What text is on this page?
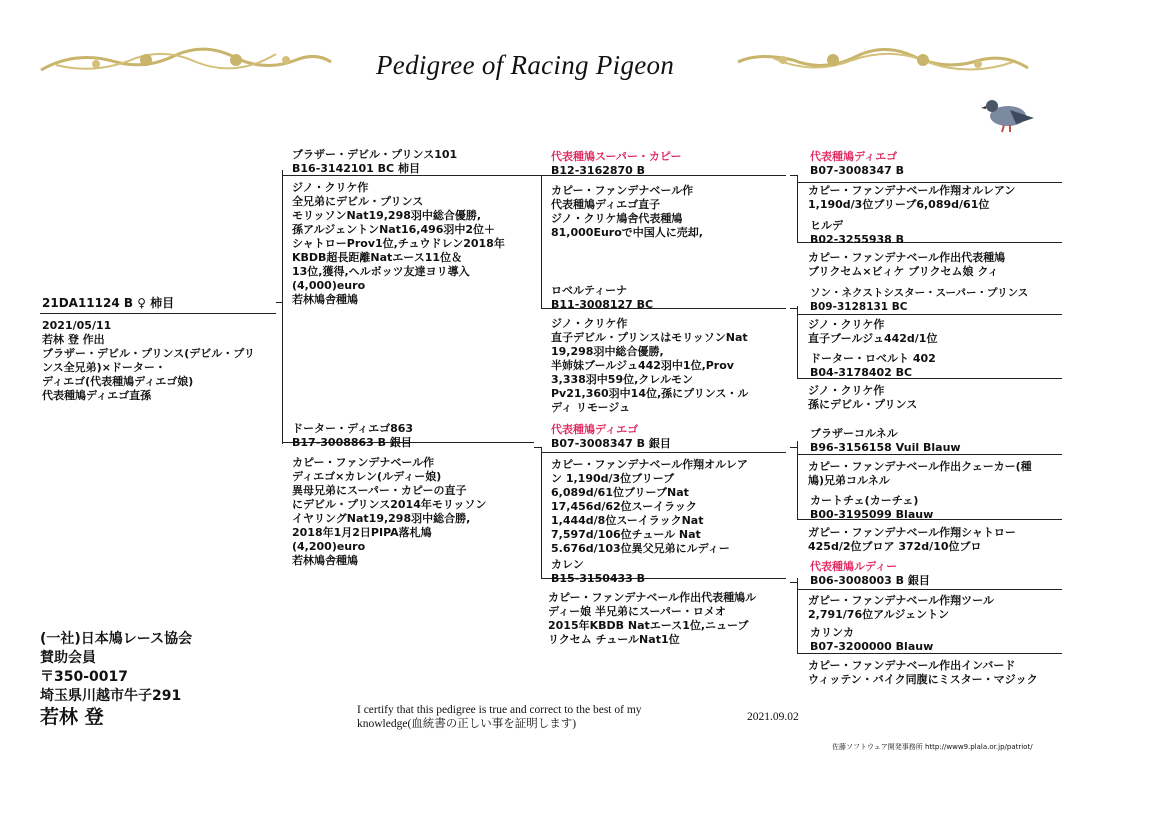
Pedigree of Racing Pigeon
21DA11124 B ♀ 柿目
2021/05/11
若林 登 作出
ブラザー・デビル・プリンス(デビル・プリ
ンス全兄弟)×ドーター・
ディエゴ(代表種鳩ディエゴ娘)
代表種鳩ディエゴ直孫
ブラザー・デビル・プリンス101
B16-3142101 BC 柿目
ジノ・クリケ作
全兄弟にデビル・プリンス
モリッソンNat19,298羽中総合優勝,
孫アルジェントンNat16,496羽中2位＋
シャトローProv1位,チュウドレン2018年
KBDB超長距離Natエース11位＆
13位,獲得,ヘルボッツ友達ヨリ導入
(4,000)euro
若林鳩舎種鳩
ドーター・ディエゴ863
B17-3008863 B 銀目
カピー・ファンデナベール作
ディエゴ×カレン(ルディー娘)
異母兄弟にスーパー・カピーの直子
にデビル・プリンス2014年モリッソン
イヤリングNat19,298羽中総合勝,
2018年1月2日PIPA落札鳩
(4,200)euro
若林鳩舎種鳩
代表種鳩スーパー・カピー
B12-3162870 B
カピー・ファンデナベール作
代表種鳩ディエゴ直子
ジノ・クリケ鳩舎代表種鳩
81,000Euroで中国人に売却,
ロベルティーナ
B11-3008127 BC
ジノ・クリケ作
直子デビル・プリンスはモリッソンNat
19,298羽中総合優勝,
半姉妹ブールジュ442羽中1位,Prov
3,338羽中59位,クレルモン
Pv21,360羽中14位,孫にプリンス・ル
ディ リモージュ
代表種鳩ディエゴ
B07-3008347 B 銀目
カピー・ファンデナベール作翔オルレア
ン 1,190d/3位ブリーブ
6,089d/61位ブリーブNat
17,456d/62位スーイラック
1,444d/8位スーイラックNat
7,597d/106位チュール Nat
5.676d/103位異父兄弟にルディー
カレン
B15-3150433 B
カピー・ファンデナベール作出代表種鳩ル
ディー娘 半兄弟にスーパー・ロメオ
2015年KBDB Natエース1位,ニューブ
リクセム チュールNat1位
代表種鳩ディエゴ
B07-3008347 B
カピー・ファンデナベール作翔オルレアン
1,190d/3位ブリーブ6,089d/61位
ヒルデ
B02-3255938 B
カピー・ファンデナベール作出代表種鳩
ブリクセム×ビィケ ブリクセム娘 クィ
ソン・ネクストシスター・スーパー・プリンス
B09-3128131 BC
ジノ・クリケ作
直子ブールジュ442d/1位
ドーター・ロベルト 402
B04-3178402 BC
ジノ・クリケ作
孫にデビル・プリンス
ブラザーコルネル
B96-3156158 Vuil Blauw
カピー・ファンデナベール作出クェーカー(種
鳩)兄弟コルネル
カートチェ(カーチェ)
B00-3195099 Blauw
ガピー・ファンデナベール作翔シャトロー
425d/2位ブロア 372d/10位ブロ
代表種鳩ルディー
B06-3008003 B 銀目
ガピー・ファンデナベール作翔ツール
2,791/76位アルジェントン
カリンカ
B07-3200000 Blauw
カピー・ファンデナベール作出インバード
ウィッテン・バイク同腹にミスター・マジック
(一社)日本鳩レース協会
賛助会員
〒350-0017
埼玉県川越市牛子291
若林 登	I certify that this pedigree is true and correct to the best of my
knowledge(血統書の正しい事を証明します)
2021.09.02
佐藤ソフトウェア開発事務所 http://www9.plala.or.jp/patriot/
